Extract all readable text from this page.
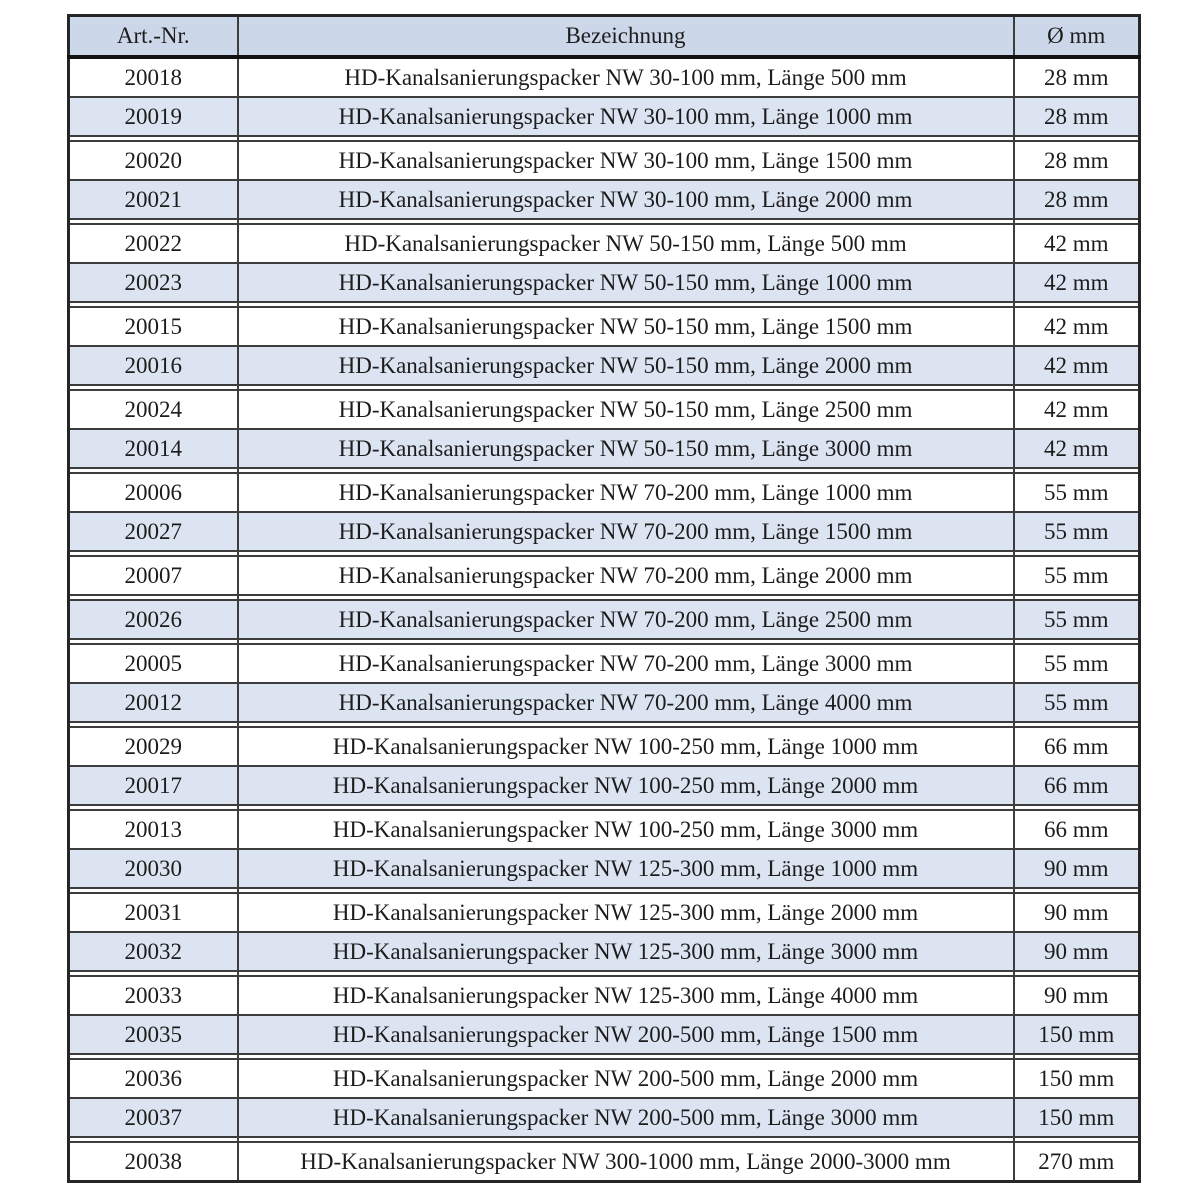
Art.-Nr.	Bezeichnung	Ø mm
20018	HD-Kanalsanierungspacker NW 30-100 mm, Länge 500 mm	28 mm
20019	HD-Kanalsanierungspacker NW 30-100 mm, Länge 1000 mm	28 mm

20020	HD-Kanalsanierungspacker NW 30-100 mm, Länge 1500 mm	28 mm
20021	HD-Kanalsanierungspacker NW 30-100 mm, Länge 2000 mm	28 mm

20022	HD-Kanalsanierungspacker NW 50-150 mm, Länge 500 mm	42 mm
20023	HD-Kanalsanierungspacker NW 50-150 mm, Länge 1000 mm	42 mm

20015	HD-Kanalsanierungspacker NW 50-150 mm, Länge 1500 mm	42 mm
20016	HD-Kanalsanierungspacker NW 50-150 mm, Länge 2000 mm	42 mm

20024	HD-Kanalsanierungspacker NW 50-150 mm, Länge 2500 mm	42 mm
20014	HD-Kanalsanierungspacker NW 50-150 mm, Länge 3000 mm	42 mm

20006	HD-Kanalsanierungspacker NW 70-200 mm, Länge 1000 mm	55 mm
20027	HD-Kanalsanierungspacker NW 70-200 mm, Länge 1500 mm	55 mm

20007	HD-Kanalsanierungspacker NW 70-200 mm, Länge 2000 mm	55 mm

20026	HD-Kanalsanierungspacker NW 70-200 mm, Länge 2500 mm	55 mm

20005	HD-Kanalsanierungspacker NW 70-200 mm, Länge 3000 mm	55 mm
20012	HD-Kanalsanierungspacker NW 70-200 mm, Länge 4000 mm	55 mm

20029	HD-Kanalsanierungspacker NW 100-250 mm, Länge 1000 mm	66 mm
20017	HD-Kanalsanierungspacker NW 100-250 mm, Länge 2000 mm	66 mm

20013	HD-Kanalsanierungspacker NW 100-250 mm, Länge 3000 mm	66 mm
20030	HD-Kanalsanierungspacker NW 125-300 mm, Länge 1000 mm	90 mm

20031	HD-Kanalsanierungspacker NW 125-300 mm, Länge 2000 mm	90 mm
20032	HD-Kanalsanierungspacker NW 125-300 mm, Länge 3000 mm	90 mm

20033	HD-Kanalsanierungspacker NW 125-300 mm, Länge 4000 mm	90 mm
20035	HD-Kanalsanierungspacker NW 200-500 mm, Länge 1500 mm	150 mm

20036	HD-Kanalsanierungspacker NW 200-500 mm, Länge 2000 mm	150 mm
20037	HD-Kanalsanierungspacker NW 200-500 mm, Länge 3000 mm	150 mm

20038	HD-Kanalsanierungspacker NW 300-1000 mm, Länge 2000-3000 mm	270 mm
